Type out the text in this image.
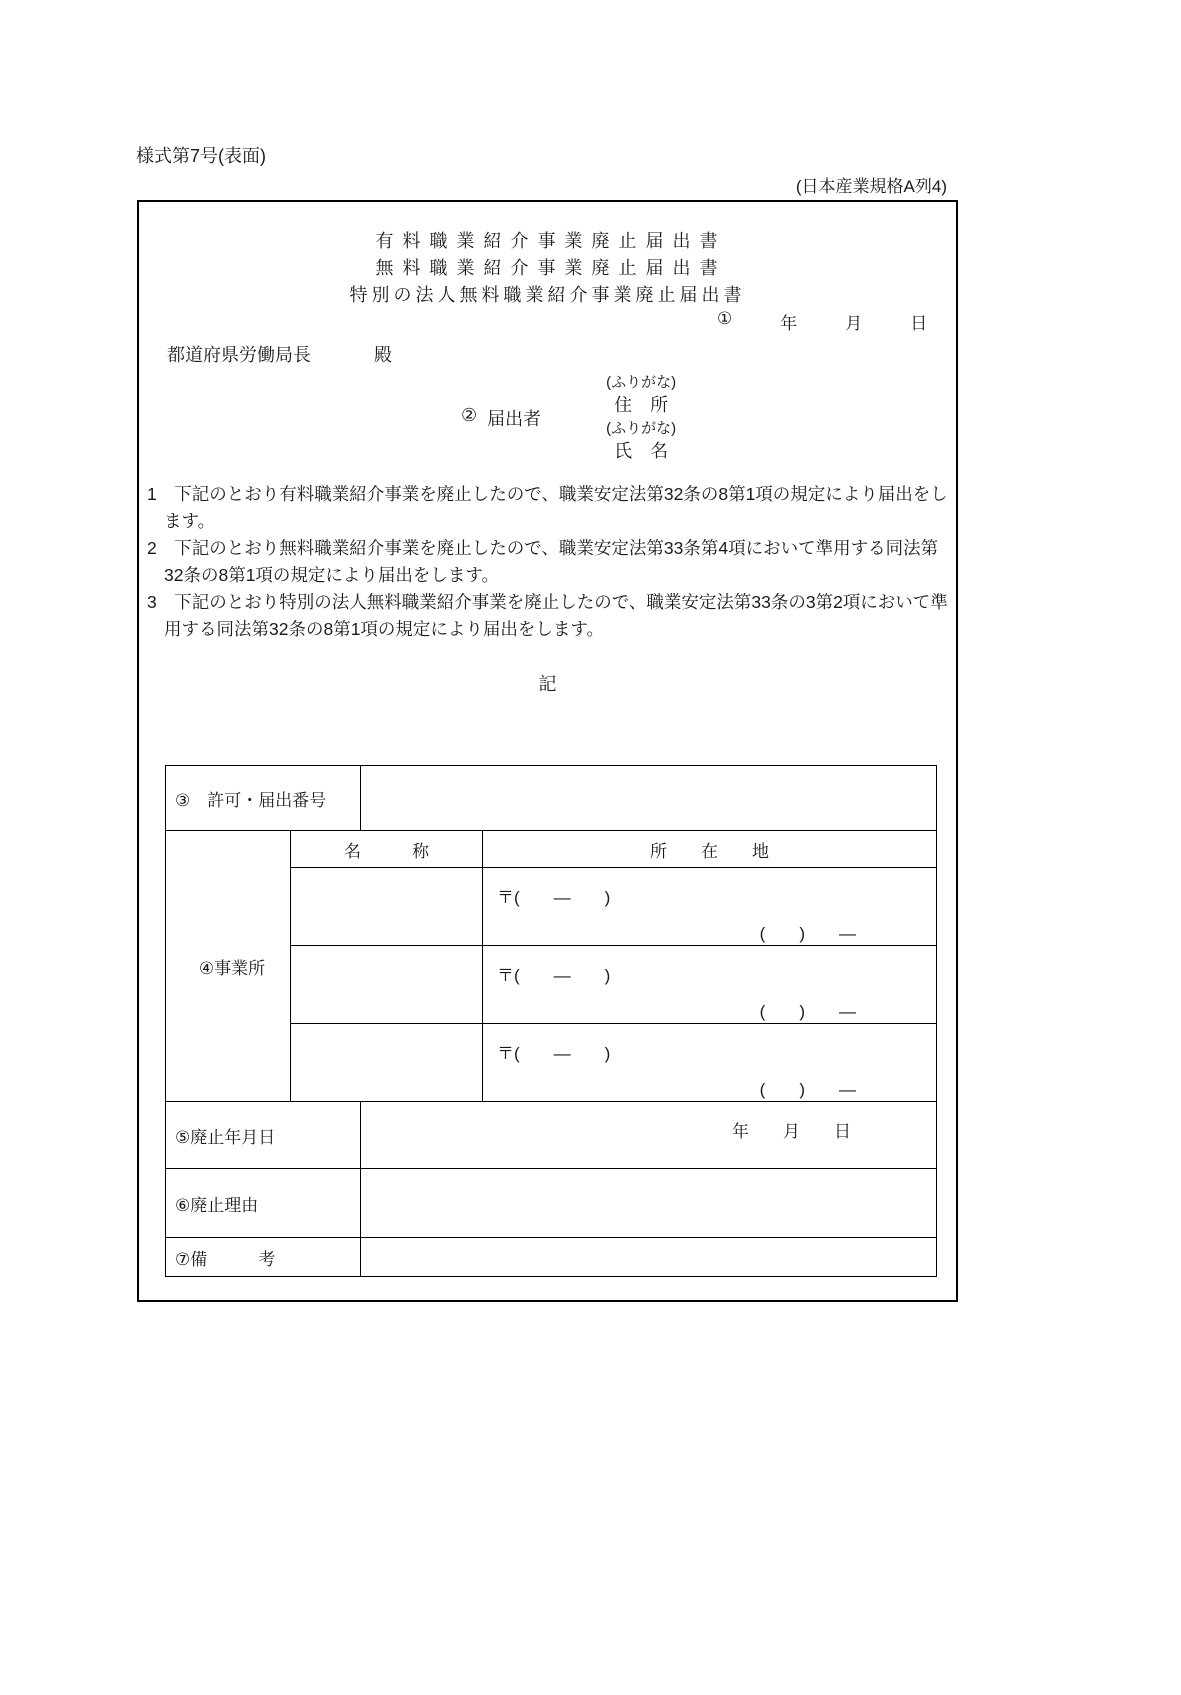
様式第7号(表面)
(日本産業規格A列4)
有 料 職 業 紹 介 事 業 廃 止 届 出 書
無 料 職 業 紹 介 事 業 廃 止 届 出 書
特別の法人無料職業紹介事業廃止届出書
①	年	月	日
都道府県労働局長	殿
② 届出者
(ふりがな)
住　所
(ふりがな)
氏　名
1　下記のとおり有料職業紹介事業を廃止したので、職業安定法第32条の8第1項の規定により届出をします。
2　下記のとおり無料職業紹介事業を廃止したので、職業安定法第33条第4項において準用する同法第32条の8第1項の規定により届出をします。
3　下記のとおり特別の法人無料職業紹介事業を廃止したので、職業安定法第33条の3第2項において準用する同法第32条の8第1項の規定により届出をします。
記
③　許可・届出番号			
④事業所	名　　　称		所　　在　　地

			〒(　　―　　)
(　　)　　―

			〒(　　―　　)
(　　)　　―

			〒(　　―　　)
(　　)　　―

⑤廃止年月日		年　　月　　日	
⑥廃止理由			
⑦備　　　考			
